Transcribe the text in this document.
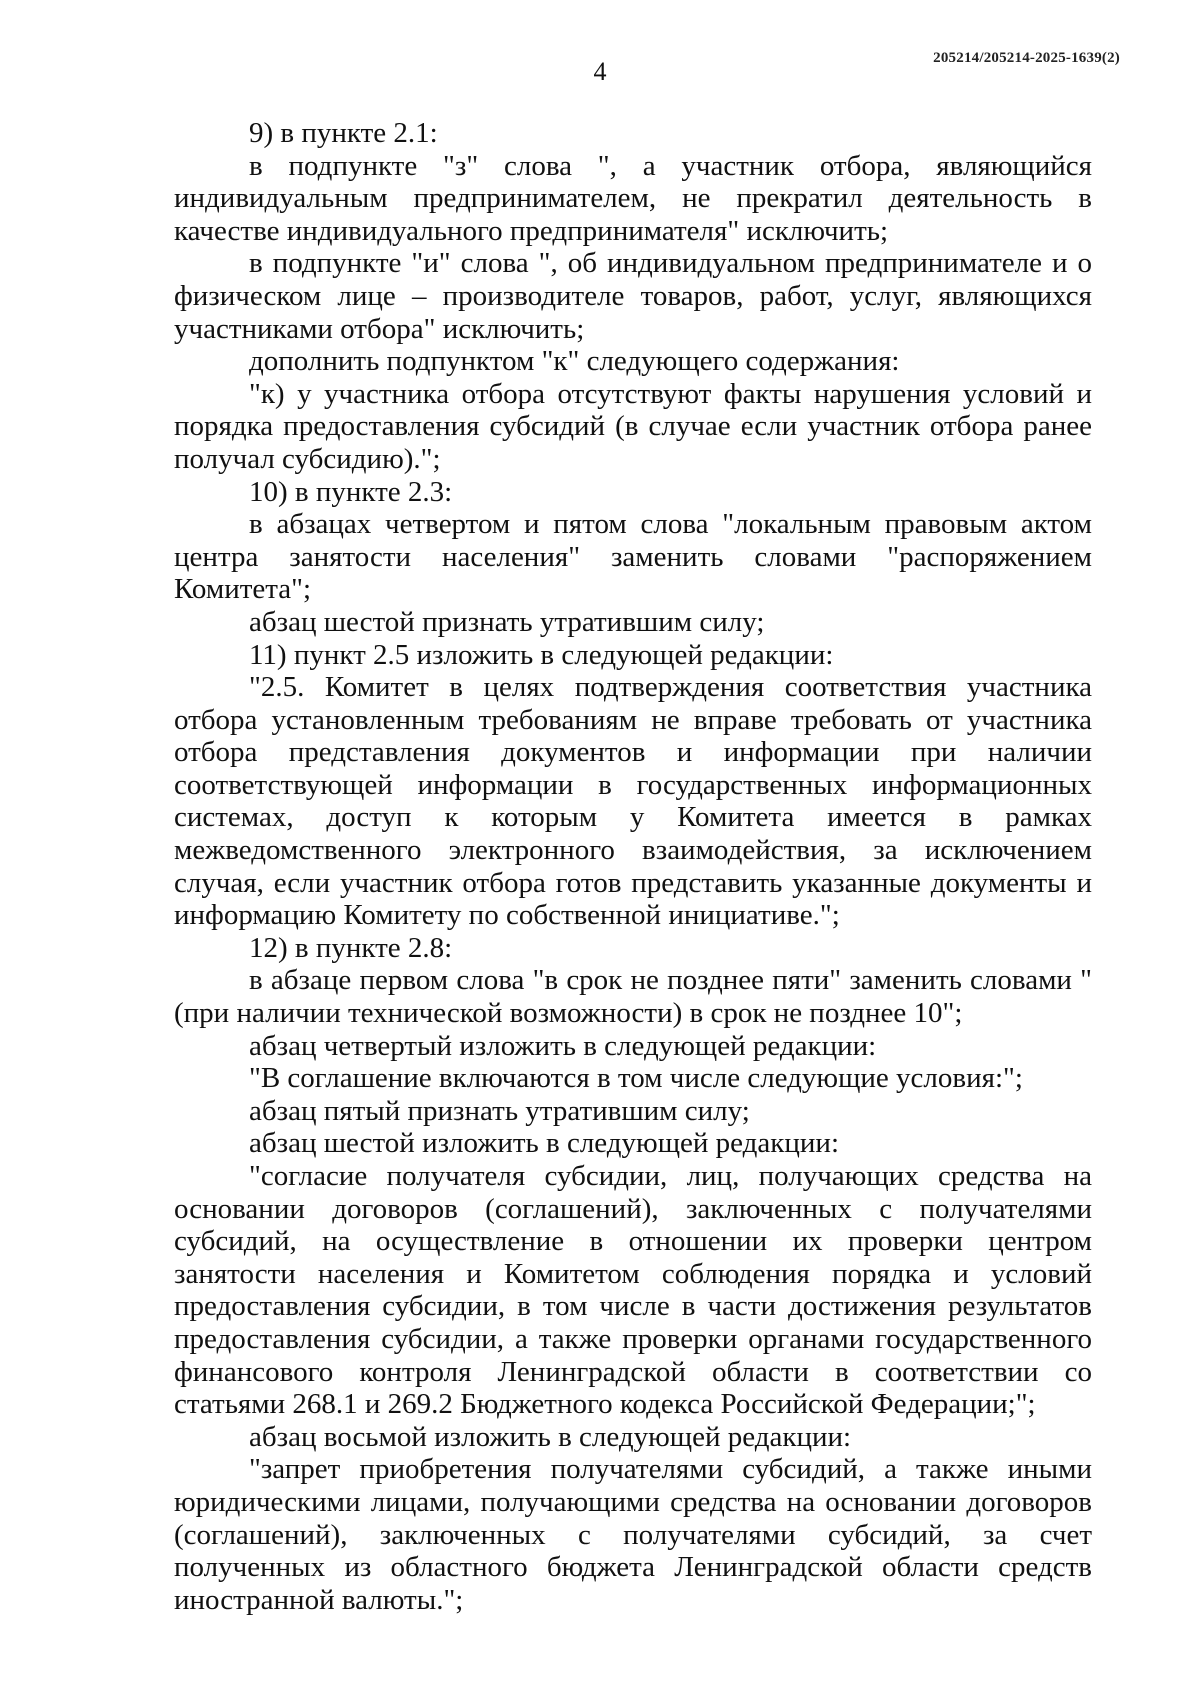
205214/205214-2025-1639(2)
4

9) в пункте 2.1:

в подпункте "з" слова ", а участник отбора, являющийся индивидуальным предпринимателем, не прекратил деятельность в качестве индивидуального предпринимателя" исключить;

в подпункте "и" слова ", об индивидуальном предпринимателе и о физическом лице – производителе товаров, работ, услуг, являющихся участниками отбора" исключить;

дополнить подпунктом "к" следующего содержания:

"к) у участника отбора отсутствуют факты нарушения условий и порядка предоставления субсидий (в случае если участник отбора ранее получал субсидию).";

10) в пункте 2.3:

в абзацах четвертом и пятом слова "локальным правовым актом центра занятости населения" заменить словами "распоряжением Комитета";

абзац шестой признать утратившим силу;

11) пункт 2.5 изложить в следующей редакции:

"2.5. Комитет в целях подтверждения соответствия участника отбора установленным требованиям не вправе требовать от участника отбора представления документов и информации при наличии соответствующей информации в государственных информационных системах, доступ к которым у Комитета имеется в рамках межведомственного электронного взаимодействия, за исключением случая, если участник отбора готов представить указанные документы и информацию Комитету по собственной инициативе.";

12) в пункте 2.8:

в абзаце первом слова "в срок не позднее пяти" заменить словами "(при наличии технической возможности) в срок не позднее 10";

абзац четвертый изложить в следующей редакции:

"В соглашение включаются в том числе следующие условия:";

абзац пятый признать утратившим силу;

абзац шестой изложить в следующей редакции:

"согласие получателя субсидии, лиц, получающих средства на основании договоров (соглашений), заключенных с получателями субсидий, на осуществление в отношении их проверки центром занятости населения и Комитетом соблюдения порядка и условий предоставления субсидии, в том числе в части достижения результатов предоставления субсидии, а также проверки органами государственного финансового контроля Ленинградской области в соответствии со статьями 268.1 и 269.2 Бюджетного кодекса Российской Федерации;";

абзац восьмой изложить в следующей редакции:

"запрет приобретения получателями субсидий, а также иными юридическими лицами, получающими средства на основании договоров (соглашений), заключенных с получателями субсидий, за счет полученных из областного бюджета Ленинградской области средств иностранной валюты.";
